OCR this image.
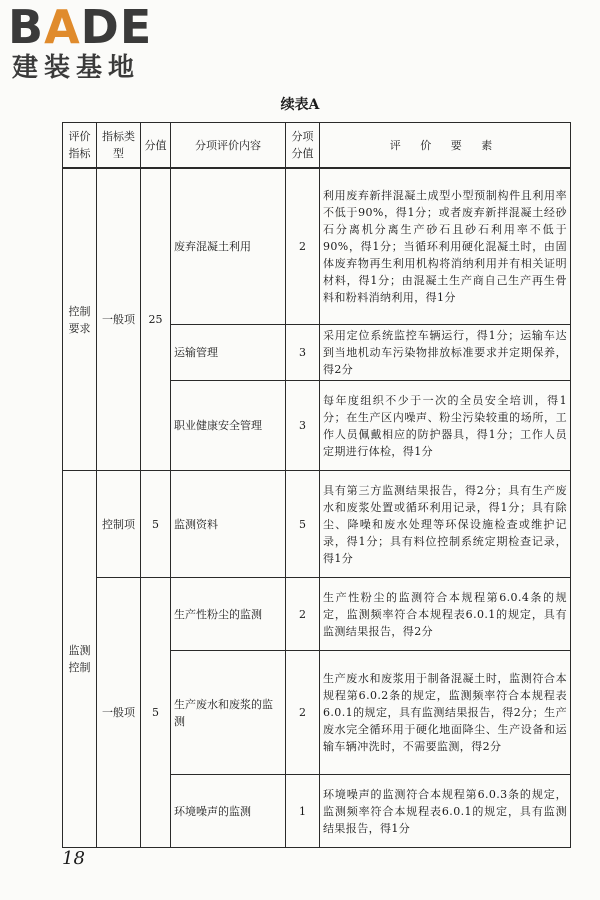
BADE
建装基地
续表A
评价指标	指标类型	分值	分项评价内容	分项分值	评 价 要 素
控制要求	一般项	25	废弃混凝土利用	2	利用废弃新拌混凝土成型小型预制构件且利用率不低于90%，得1分；或者废弃新拌混凝土经砂石分离机分离生产砂石且砂石利用率不低于90%，得1分；当循环利用硬化混凝土时，由固体废弃物再生利用机构将消纳利用并有相关证明材料，得1分；由混凝土生产商自己生产再生骨料和粉料消纳利用，得1分
			运输管理	3	采用定位系统监控车辆运行，得1分；运输车达到当地机动车污染物排放标准要求并定期保养，得2分
			职业健康安全管理	3	每年度组织不少于一次的全员安全培训，得1分；在生产区内噪声、粉尘污染较重的场所，工作人员佩戴相应的防护器具，得1分；工作人员定期进行体检，得1分
监测控制	控制项	5	监测资料	5	具有第三方监测结果报告，得2分；具有生产废水和废浆处置或循环利用记录，得1分；具有除尘、降噪和废水处理等环保设施检查或维护记录，得1分；具有料位控制系统定期检查记录，得1分
	一般项	5	生产性粉尘的监测	2	生产性粉尘的监测符合本规程第6.0.4条的规定，监测频率符合本规程表6.0.1的规定，具有监测结果报告，得2分
			生产废水和废浆的监测	2	生产废水和废浆用于制备混凝土时，监测符合本规程第6.0.2条的规定，监测频率符合本规程表6.0.1的规定，具有监测结果报告，得2分；生产废水完全循环用于硬化地面降尘、生产设备和运输车辆冲洗时，不需要监测，得2分
			环境噪声的监测	1	环境噪声的监测符合本规程第6.0.3条的规定，监测频率符合本规程表6.0.1的规定，具有监测结果报告，得1分
18
